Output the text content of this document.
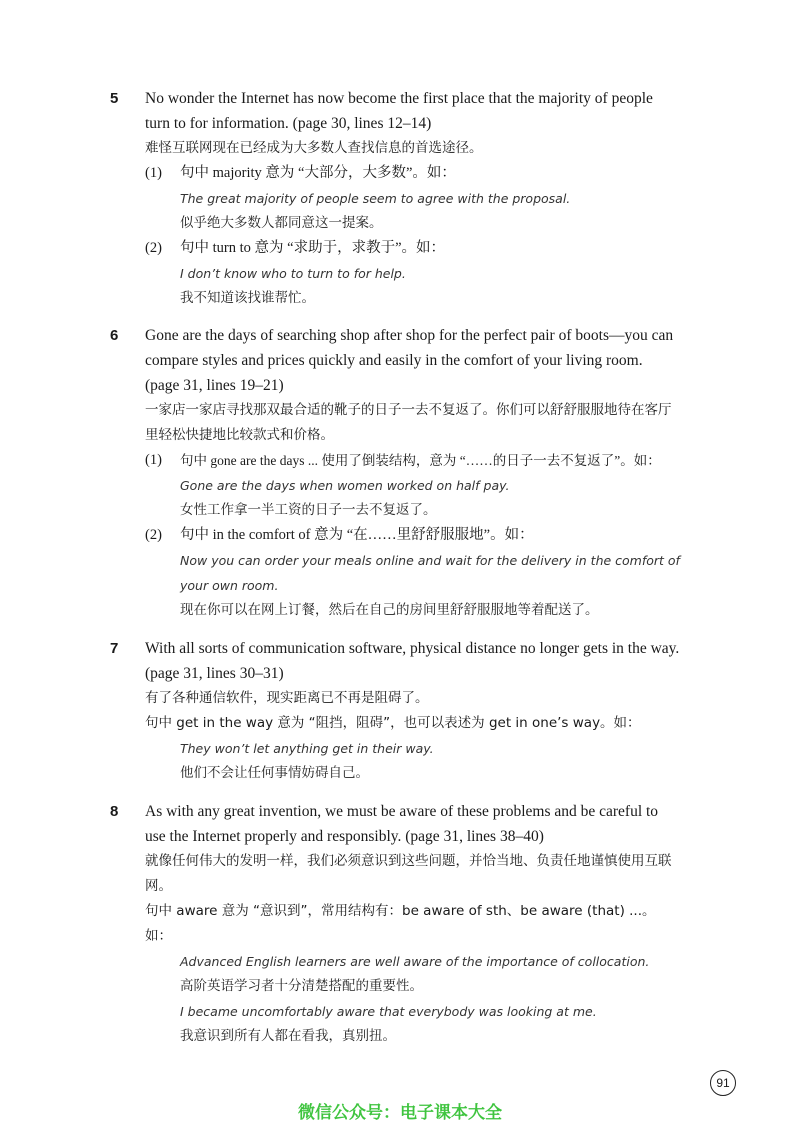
5	No wonder the Internet has now become the first place that the majority of people turn to for information. (page 30, lines 12–14)
难怪互联网现在已经成为大多数人查找信息的首选途径。
(1) 句中 majority 意为 “大部分，大多数”。如：
The great majority of people seem to agree with the proposal.
似乎绝大多数人都同意这一提案。
(2) 句中 turn to 意为 “求助于，求教于”。如：
I don’t know who to turn to for help.
我不知道该找谁帮忙。
6	Gone are the days of searching shop after shop for the perfect pair of boots—you can compare styles and prices quickly and easily in the comfort of your living room. (page 31, lines 19–21)
一家店一家店寻找那双最合适的靴子的日子一去不复返了。你们可以舒舒服服地待在客厅里轻松快捷地比较款式和价格。
(1) 句中 gone are the days ... 使用了倒装结构，意为 “……的日子一去不复返了”。如：
Gone are the days when women worked on half pay.
女性工作拿一半工资的日子一去不复返了。
(2) 句中 in the comfort of 意为 “在……里舒舒服服地”。如：
Now you can order your meals online and wait for the delivery in the comfort of your own room.
现在你可以在网上订餐，然后在自己的房间里舒舒服服地等着配送了。
7	With all sorts of communication software, physical distance no longer gets in the way. (page 31, lines 30–31)
有了各种通信软件，现实距离已不再是阻碍了。
句中 get in the way 意为 “阻挡，阻碍”，也可以表述为 get in one’s way。如：
They won’t let anything get in their way.
他们不会让任何事情妨碍自己。
8	As with any great invention, we must be aware of these problems and be careful to use the Internet properly and responsibly. (page 31, lines 38–40)
就像任何伟大的发明一样，我们必须意识到这些问题，并恰当地、负责任地谨慎使用互联网。
句中 aware 意为 “意识到”，常用结构有：be aware of sth、be aware (that) ...。如：
Advanced English learners are well aware of the importance of collocation.
高阶英语学习者十分清楚搭配的重要性。
I became uncomfortably aware that everybody was looking at me.
我意识到所有人都在看我，真别扭。
91
微信公众号：电子课本大全
